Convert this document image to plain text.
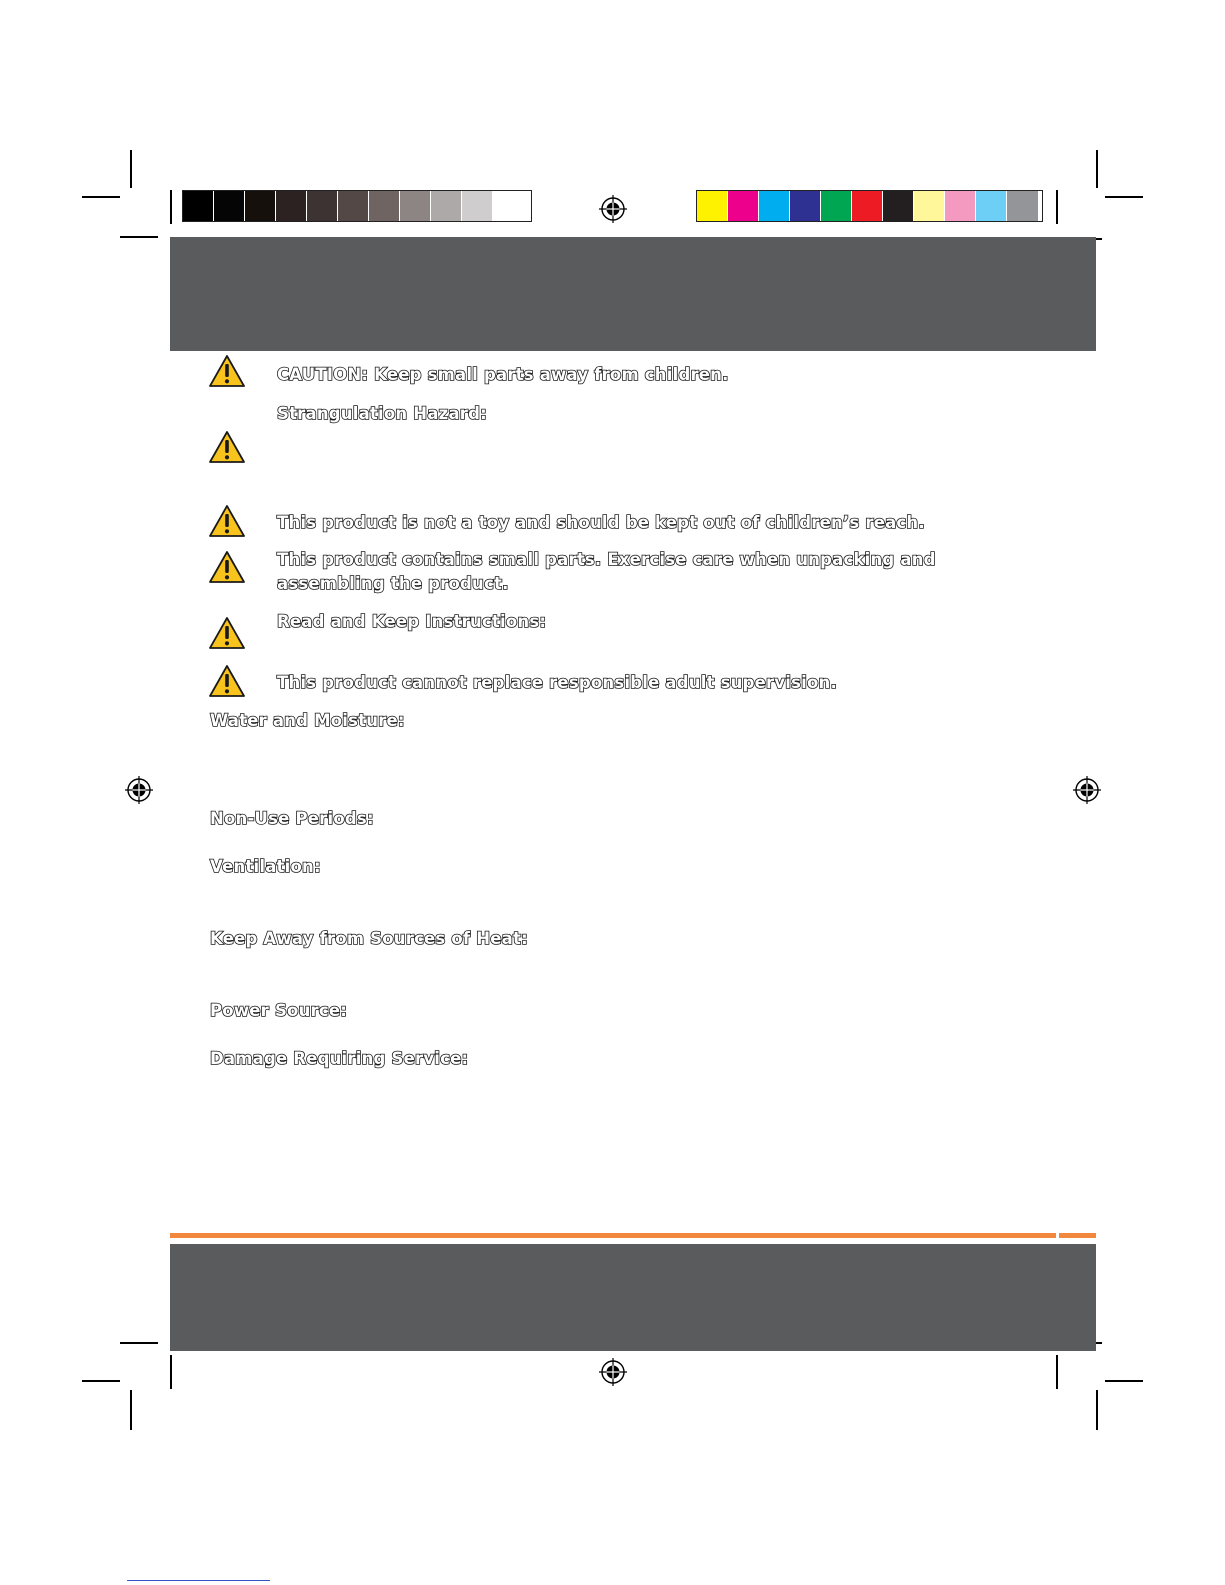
CAUTION: Keep small parts away from children.
Strangulation Hazard:
This product is not a toy and should be kept out of children’s reach.
This product contains small parts. Exercise care when unpacking and
assembling the product.
Read and Keep Instructions:
This product cannot replace responsible adult supervision.
Water and Moisture:
Non-Use Periods:
Ventilation:
Keep Away from Sources of Heat:
Power Source:
Damage Requiring Service:
